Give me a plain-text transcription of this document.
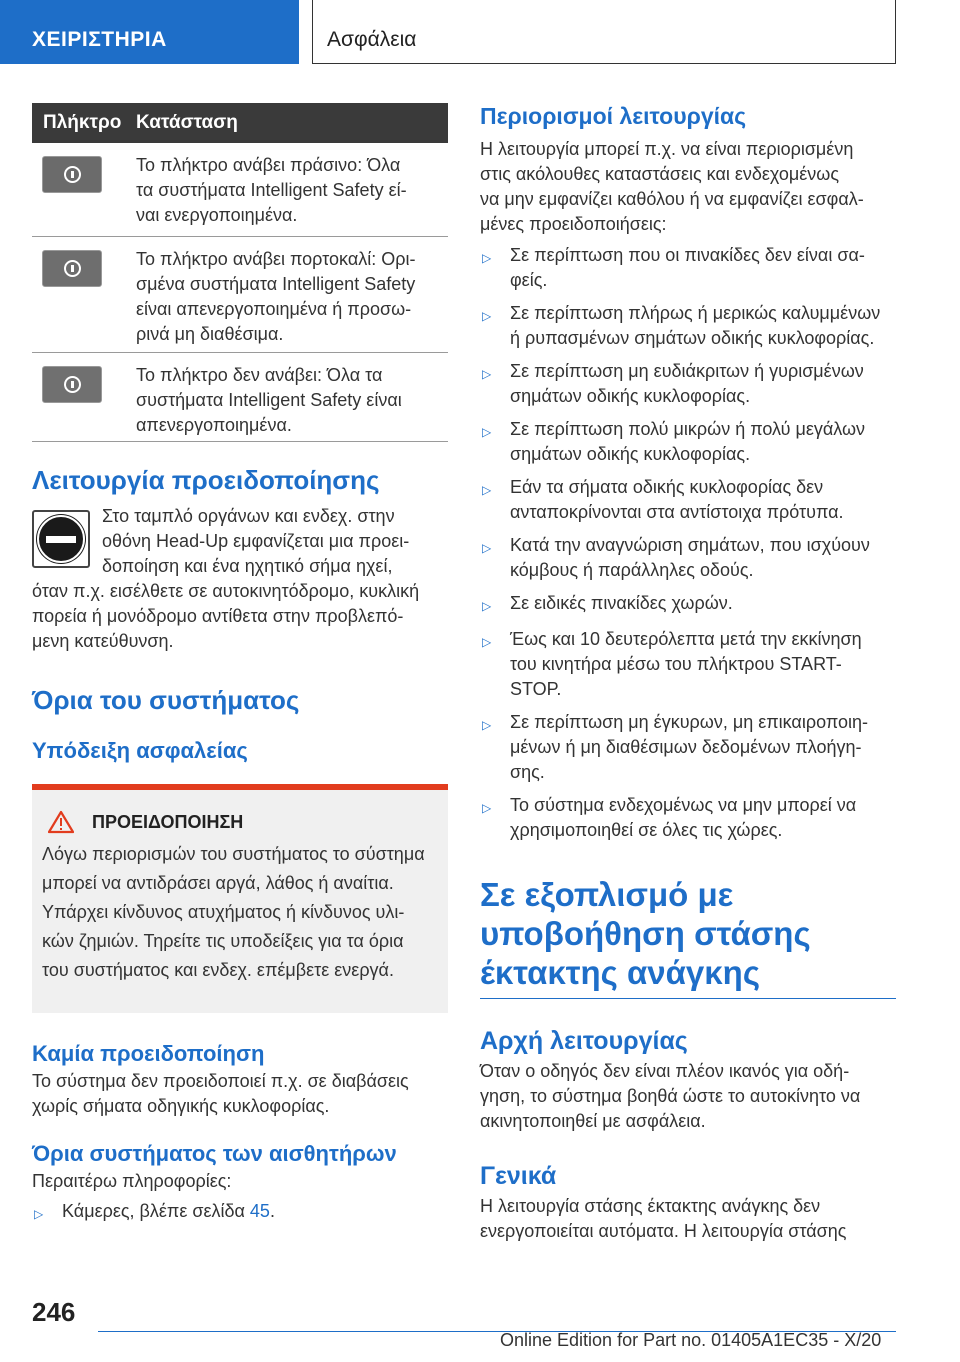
ΧΕΙΡΙΣΤΗΡΙΑ	Ασφάλεια
Πλήκτρο Κατάσταση
Το πλήκτρο ανάβει πράσινο: Όλα
τα συστήματα Intelligent Safety εί-
ναι ενεργοποιημένα.
Το πλήκτρο ανάβει πορτοκαλί: Ορι-
σμένα συστήματα Intelligent Safety
είναι απενεργοποιημένα ή προσω-
ρινά μη διαθέσιμα.
Το πλήκτρο δεν ανάβει: Όλα τα
συστήματα Intelligent Safety είναι
απενεργοποιημένα.
Λειτουργία προειδοποίησης

Στο ταμπλό οργάνων και ενδεχ. στην

οθόνη Head-Up εμφανίζεται μια προει-

δοποίηση και ένα ηχητικό σήμα ηχεί,

όταν π.χ. εισέλθετε σε αυτοκινητόδρομο, κυκλική

πορεία ή μονόδρομο αντίθετα στην προβλεπό-

μενη κατεύθυνση.

Όρια του συστήματος
Υπόδειξη ασφαλείας
ΠΡΟΕΙΔΟΠΟΙΗΣΗ

Λόγω περιορισμών του συστήματος το σύστημα

μπορεί να αντιδράσει αργά, λάθος ή αναίτια.

Υπάρχει κίνδυνος ατυχήματος ή κίνδυνος υλι-

κών ζημιών. Τηρείτε τις υποδείξεις για τα όρια

του συστήματος και ενδεχ. επέμβετε ενεργά.

Καμία προειδοποίηση

Το σύστημα δεν προειδοποιεί π.χ. σε διαβάσεις

χωρίς σήματα οδηγικής κυκλοφορίας.

Όρια συστήματος των αισθητήρων

Περαιτέρω πληροφορίες:

▷	Κάμερες, βλέπε σελίδα 45.
Περιορισμοί λειτουργίας

Η λειτουργία μπορεί π.χ. να είναι περιορισμένη

στις ακόλουθες καταστάσεις και ενδεχομένως

να μην εμφανίζει καθόλου ή να εμφανίζει εσφαλ-

μένες προειδοποιήσεις:

▷	Σε περίπτωση που οι πινακίδες δεν είναι σα-
φείς.
▷	Σε περίπτωση πλήρως ή μερικώς καλυμμένων
ή ρυπασμένων σημάτων οδικής κυκλοφορίας.
▷	Σε περίπτωση μη ευδιάκριτων ή γυρισμένων
σημάτων οδικής κυκλοφορίας.
▷	Σε περίπτωση πολύ μικρών ή πολύ μεγάλων
σημάτων οδικής κυκλοφορίας.
▷	Εάν τα σήματα οδικής κυκλοφορίας δεν
ανταποκρίνονται στα αντίστοιχα πρότυπα.
▷	Κατά την αναγνώριση σημάτων, που ισχύουν
κόμβους ή παράλληλες οδούς.
▷	Σε ειδικές πινακίδες χωρών.
▷	Έως και 10 δευτερόλεπτα μετά την εκκίνηση
του κινητήρα μέσω του πλήκτρου START-
STOP.
▷	Σε περίπτωση μη έγκυρων, μη επικαιροποιη-
μένων ή μη διαθέσιμων δεδομένων πλοήγη-
σης.
▷	Το σύστημα ενδεχομένως να μην μπορεί να
χρησιμοποιηθεί σε όλες τις χώρες.
Σε εξοπλισμό με
υποβοήθηση στάσης
έκτακτης ανάγκης
Αρχή λειτουργίας

Όταν ο οδηγός δεν είναι πλέον ικανός για οδή-

γηση, το σύστημα βοηθά ώστε το αυτοκίνητο να

ακινητοποιηθεί με ασφάλεια.

Γενικά

Η λειτουργία στάσης έκτακτης ανάγκης δεν

ενεργοποιείται αυτόματα. Η λειτουργία στάσης

246
Online Edition for Part no. 01405A1EC35 - X/20
